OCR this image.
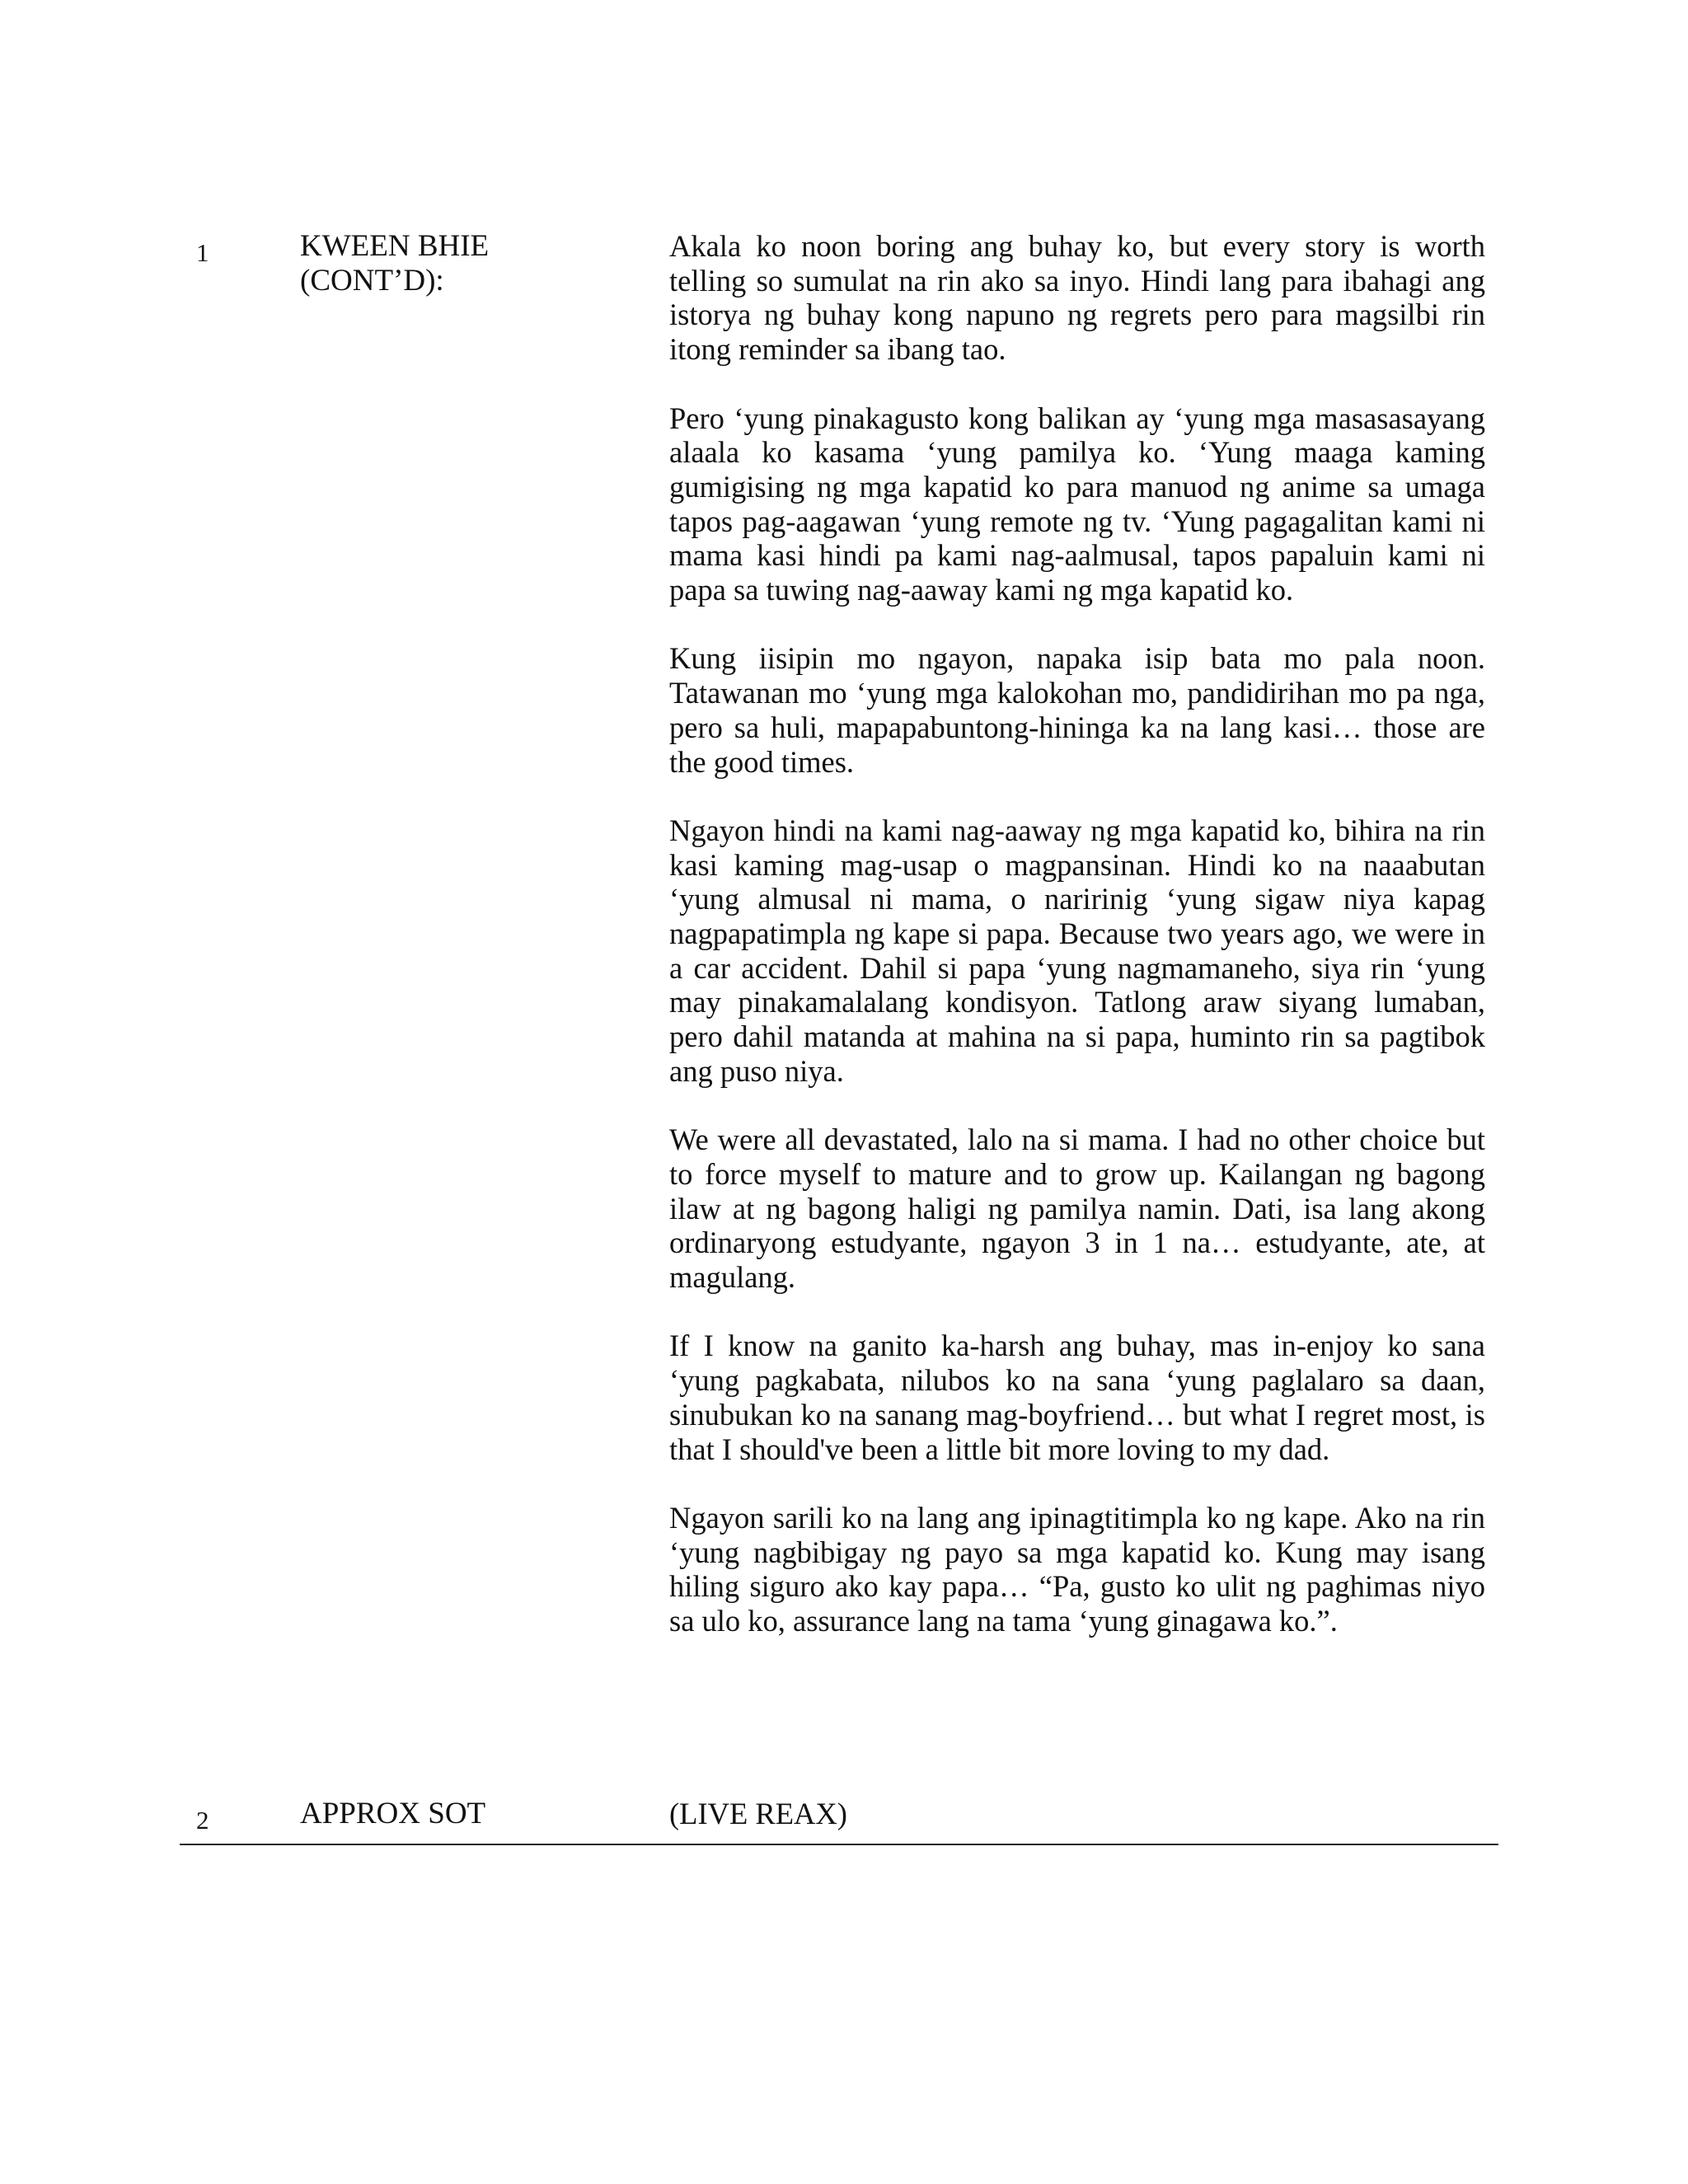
1	KWEEN BHIE
(CONT’D):

Akala ko noon boring ang buhay ko, but every story is worth telling so sumulat na rin ako sa inyo. Hindi lang para ibahagi ang istorya ng buhay kong napuno ng regrets pero para magsilbi rin itong reminder sa ibang tao.

Pero ‘yung pinakagusto kong balikan ay ‘yung mga masasasayang alaala ko kasama ‘yung pamilya ko. ‘Yung maaga kaming gumigising ng mga kapatid ko para manuod ng anime sa umaga tapos pag-aagawan ‘yung remote ng tv. ‘Yung pagagalitan kami ni mama kasi hindi pa kami nag-aalmusal, tapos papaluin kami ni papa sa tuwing nag-aaway kami ng mga kapatid ko.

Kung iisipin mo ngayon, napaka isip bata mo pala noon. Tatawanan mo ‘yung mga kalokohan mo, pandidirihan mo pa nga, pero sa huli, mapapabuntong-hininga ka na lang kasi… those are the good times.

Ngayon hindi na kami nag-aaway ng mga kapatid ko, bihira na rin kasi kaming mag-usap o magpansinan. Hindi ko na naaabutan ‘yung almusal ni mama, o naririnig ‘yung sigaw niya kapag nagpapatimpla ng kape si papa. Because two years ago, we were in a car accident. Dahil si papa ‘yung nagmamaneho, siya rin ‘yung may pinakamalalang kondisyon. Tatlong araw siyang lumaban, pero dahil matanda at mahina na si papa, huminto rin sa pagtibok ang puso niya.

We were all devastated, lalo na si mama. I had no other choice but to force myself to mature and to grow up. Kailangan ng bagong ilaw at ng bagong haligi ng pamilya namin. Dati, isa lang akong ordinaryong estudyante, ngayon 3 in 1 na… estudyante, ate, at magulang.

If I know na ganito ka-harsh ang buhay, mas in-enjoy ko sana ‘yung pagkabata, nilubos ko na sana ‘yung paglalaro sa daan, sinubukan ko na sanang mag-boyfriend… but what I regret most, is that I should've been a little bit more loving to my dad.

Ngayon sarili ko na lang ang ipinagtitimpla ko ng kape. Ako na rin ‘yung nagbibigay ng payo sa mga kapatid ko. Kung may isang hiling siguro ako kay papa… “Pa, gusto ko ulit ng paghimas niyo sa ulo ko, assurance lang na tama ‘yung ginagawa ko.”.

2	APPROX SOT	(LIVE REAX)
